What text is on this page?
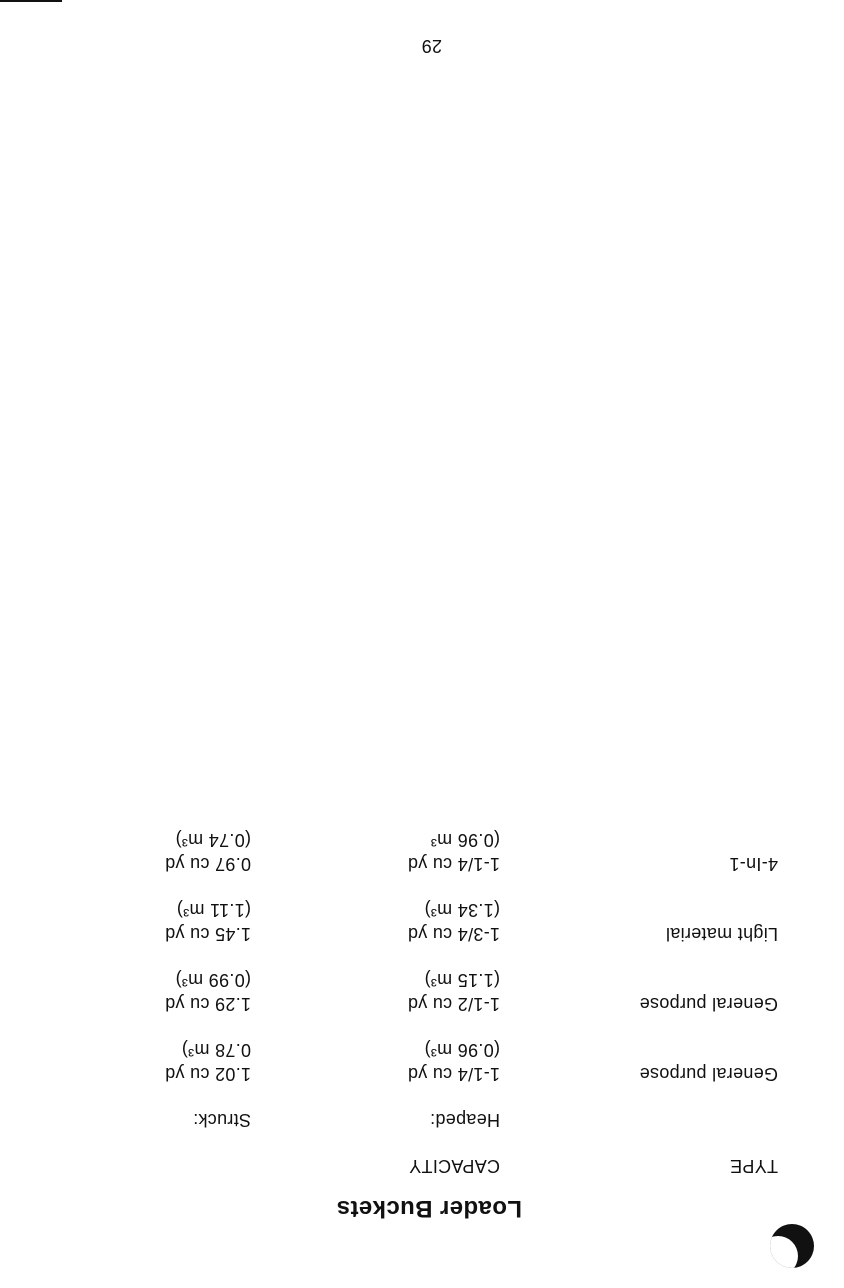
Loader Buckets
TYPE
CAPACITY
Heaped:
Struck:
General purpose
1-1/4 cu yd
1.02 cu yd
(0.96 m³)
0.78 m³)
General purpose
1-1/2 cu yd
1.29 cu yd
(1.15 m³)
(0.99 m³)
Light material
1-3/4 cu yd
1.45 cu yd
(1.34 m³)
(1.11 m³)
4-In-1
1-1/4 cu yd
0.97 cu yd
(0.96 m³
(0.74 m³)
29
